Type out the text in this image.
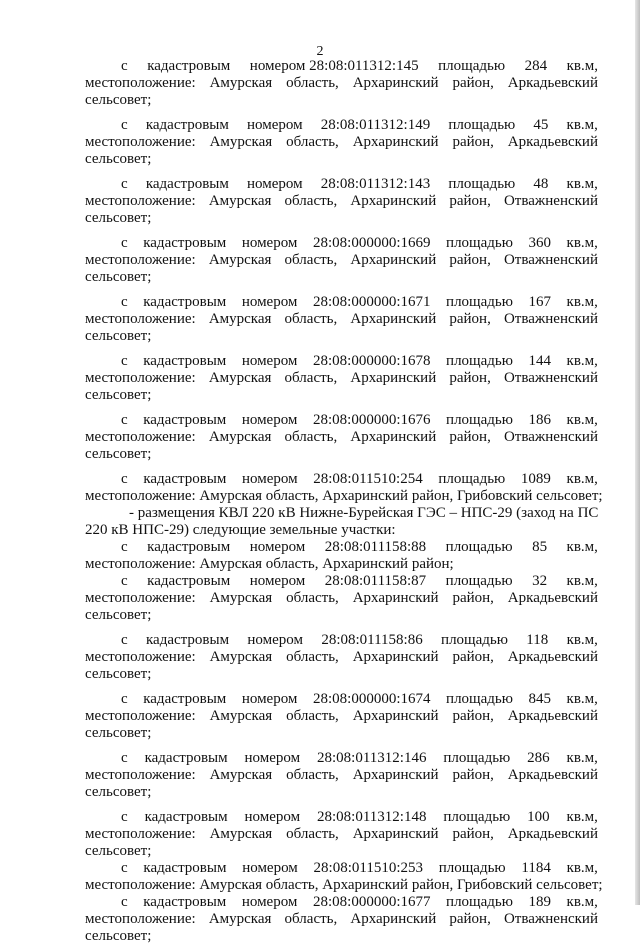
2
с кадастровым номером 28:08:011312:145 площадью 284 кв.м,
местоположение: Амурская область, Архаринский район, Аркадьевский
сельсовет;
с кадастровым номером 28:08:011312:149 площадью 45 кв.м,
местоположение: Амурская область, Архаринский район, Аркадьевский
сельсовет;
с кадастровым номером 28:08:011312:143 площадью 48 кв.м,
местоположение: Амурская область, Архаринский район, Отважненский
сельсовет;
с кадастровым номером 28:08:000000:1669 площадью 360 кв.м,
местоположение: Амурская область, Архаринский район, Отважненский
сельсовет;
с кадастровым номером 28:08:000000:1671 площадью 167 кв.м,
местоположение: Амурская область, Архаринский район, Отважненский
сельсовет;
с кадастровым номером 28:08:000000:1678 площадью 144 кв.м,
местоположение: Амурская область, Архаринский район, Отважненский
сельсовет;
с кадастровым номером 28:08:000000:1676 площадью 186 кв.м,
местоположение: Амурская область, Архаринский район, Отважненский
сельсовет;
с кадастровым номером 28:08:011510:254 площадью 1089 кв.м,
местоположение: Амурская область, Архаринский район, Грибовский сельсовет;
- размещения КВЛ 220 кВ Нижне-Бурейская ГЭС – НПС-29 (заход на ПС
220 кВ НПС-29) следующие земельные участки:
с кадастровым номером 28:08:011158:88 площадью 85 кв.м,
местоположение: Амурская область, Архаринский район;
с кадастровым номером 28:08:011158:87 площадью 32 кв.м,
местоположение: Амурская область, Архаринский район, Аркадьевский
сельсовет;
с кадастровым номером 28:08:011158:86 площадью 118 кв.м,
местоположение: Амурская область, Архаринский район, Аркадьевский
сельсовет;
с кадастровым номером 28:08:000000:1674 площадью 845 кв.м,
местоположение: Амурская область, Архаринский район, Аркадьевский
сельсовет;
с кадастровым номером 28:08:011312:146 площадью 286 кв.м,
местоположение: Амурская область, Архаринский район, Аркадьевский
сельсовет;
с кадастровым номером 28:08:011312:148 площадью 100 кв.м,
местоположение: Амурская область, Архаринский район, Аркадьевский
сельсовет;
с кадастровым номером 28:08:011510:253 площадью 1184 кв.м,
местоположение: Амурская область, Архаринский район, Грибовский сельсовет;
с кадастровым номером 28:08:000000:1677 площадью 189 кв.м,
местоположение: Амурская область, Архаринский район, Отважненский
сельсовет;
